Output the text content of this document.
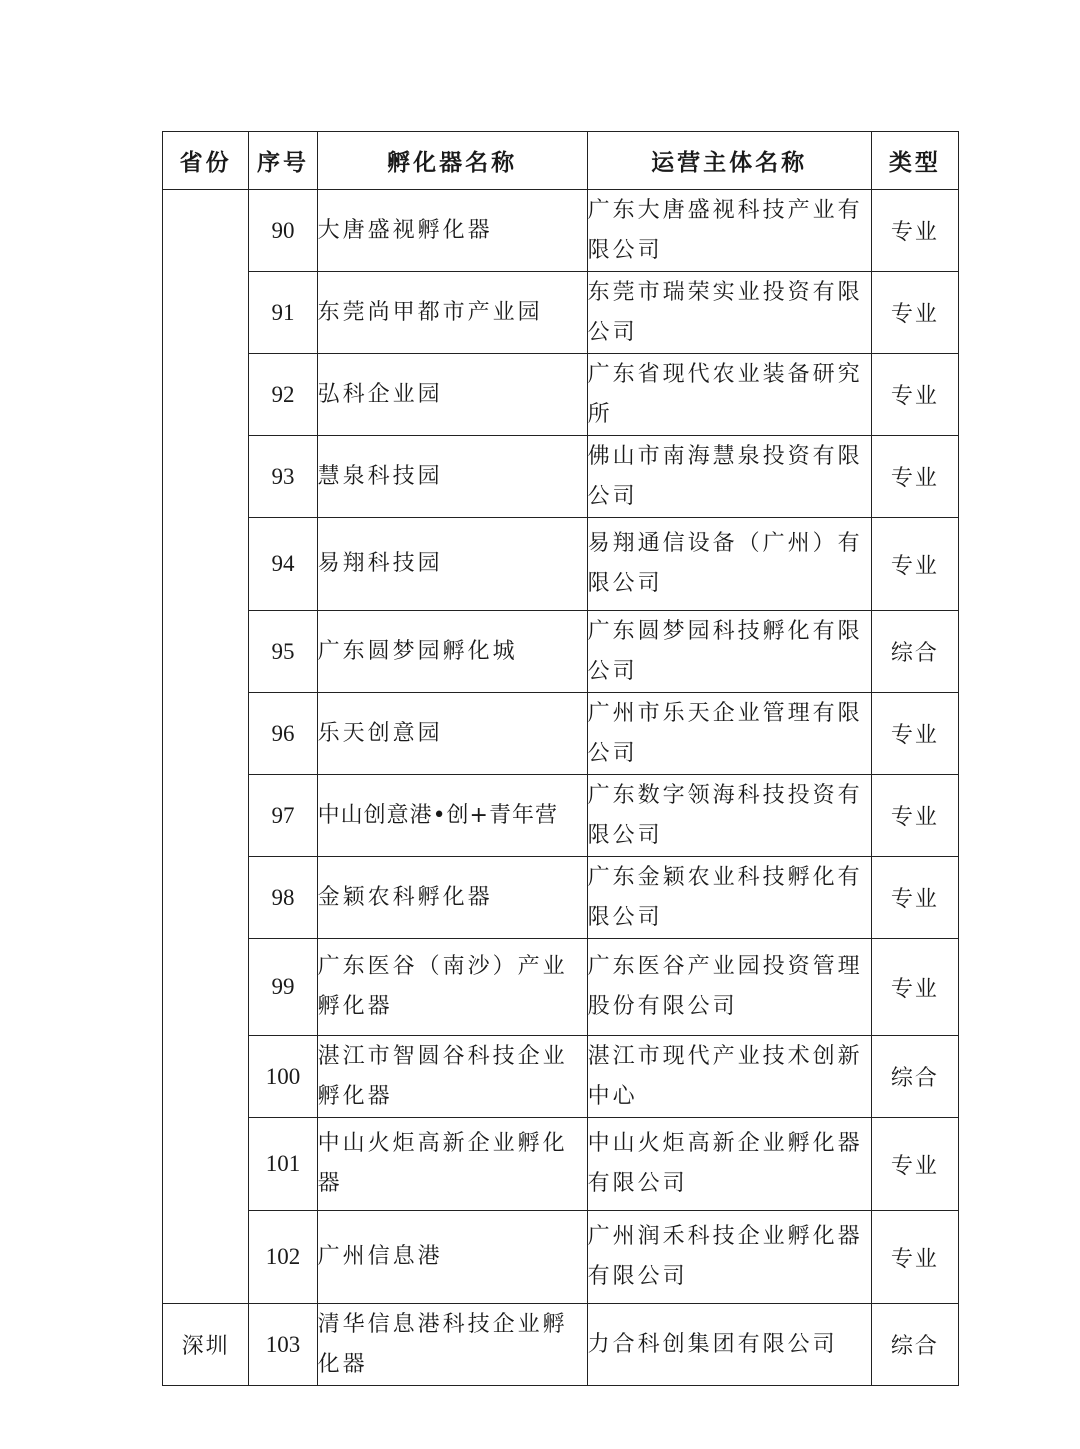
省份	序号	孵化器名称	运营主体名称	类型
	90	大唐盛视孵化器	广东大唐盛视科技产业有限公司	专业
	91	东莞尚甲都市产业园	东莞市瑞荣实业投资有限公司	专业
	92	弘科企业园	广东省现代农业装备研究所	专业
	93	慧泉科技园	佛山市南海慧泉投资有限公司	专业
	94	易翔科技园	易翔通信设备（广州）有限公司	专业
	95	广东圆梦园孵化城	广东圆梦园科技孵化有限公司	综合
	96	乐天创意园	广州市乐天企业管理有限公司	专业
	97	中山创意港•创+青年营	广东数字领海科技投资有限公司	专业
	98	金颖农科孵化器	广东金颖农业科技孵化有限公司	专业
	99	广东医谷（南沙）产业孵化器	广东医谷产业园投资管理股份有限公司	专业
	100	湛江市智圆谷科技企业孵化器	湛江市现代产业技术创新中心	综合
	101	中山火炬高新企业孵化器	中山火炬高新企业孵化器有限公司	专业
	102	广州信息港	广州润禾科技企业孵化器有限公司	专业
深圳	103	清华信息港科技企业孵化器	力合科创集团有限公司	综合
